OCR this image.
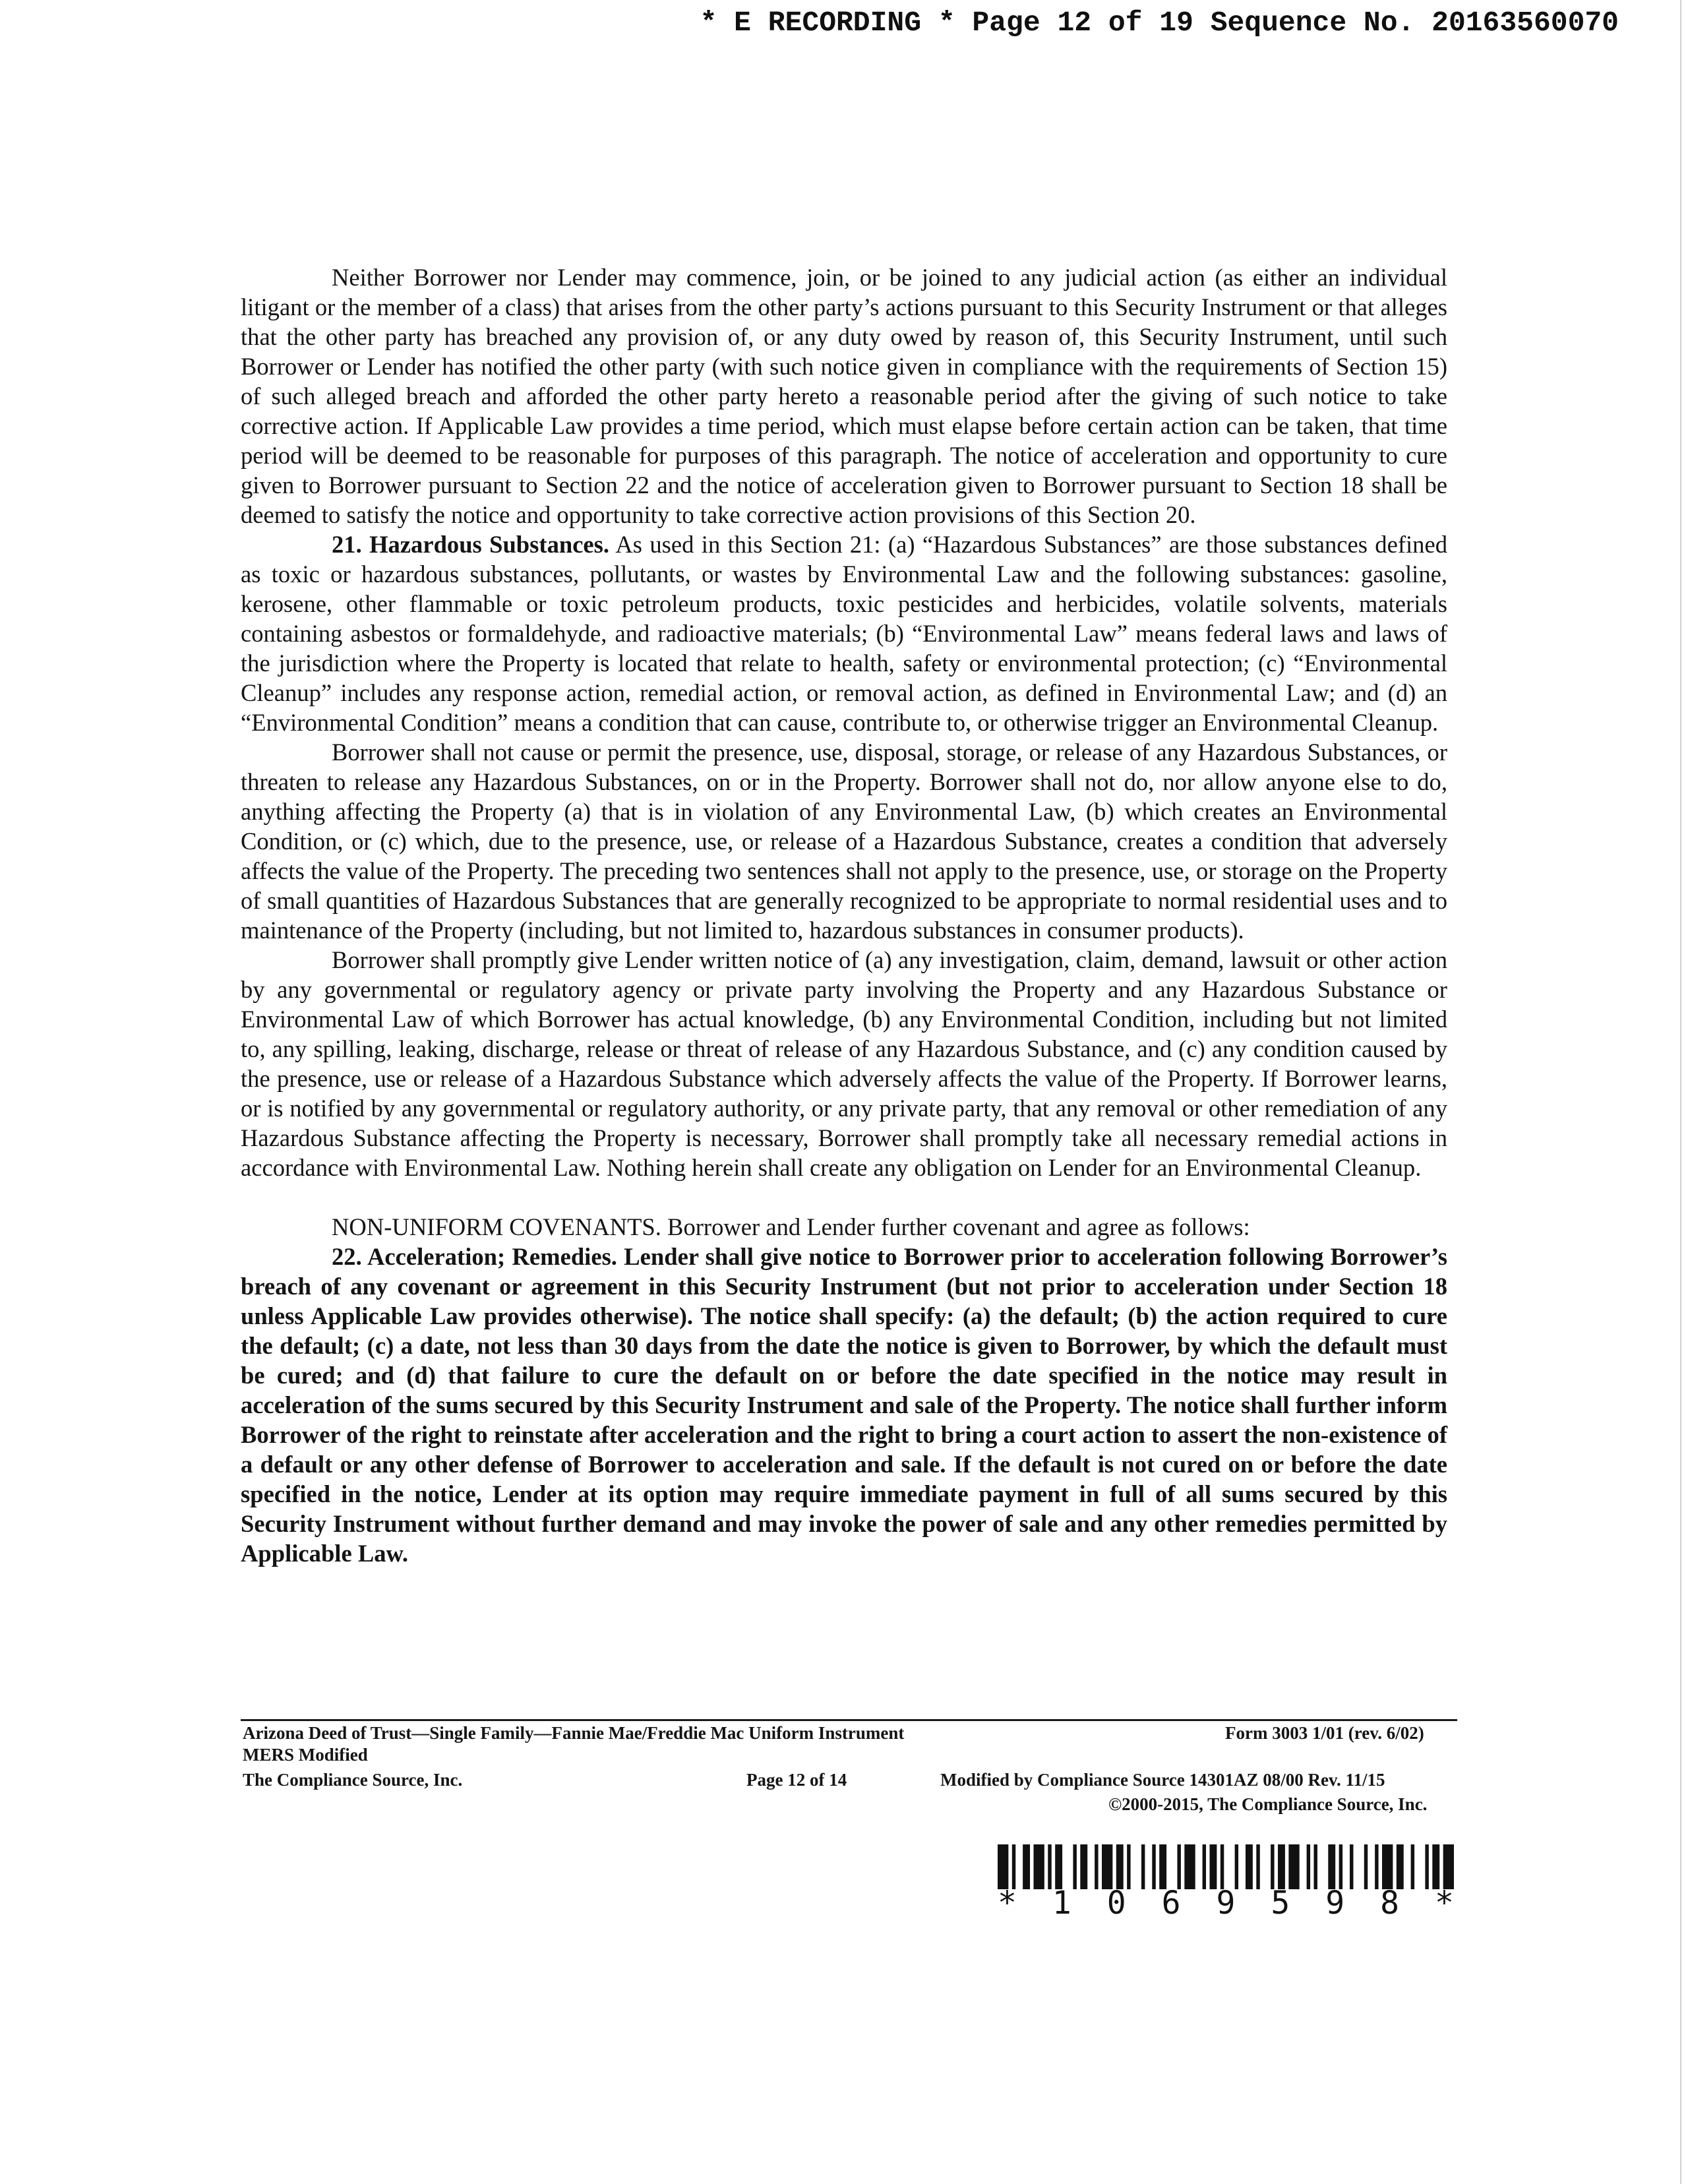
* E RECORDING * Page 12 of 19 Sequence No. 20163560070

Neither Borrower nor Lender may commence, join, or be joined to any judicial action (as either an individual litigant or the member of a class) that arises from the other party’s actions pursuant to this Security Instrument or that alleges that the other party has breached any provision of, or any duty owed by reason of, this Security Instrument, until such Borrower or Lender has notified the other party (with such notice given in compliance with the requirements of Section 15) of such alleged breach and afforded the other party hereto a reasonable period after the giving of such notice to take corrective action. If Applicable Law provides a time period, which must elapse before certain action can be taken, that time period will be deemed to be reasonable for purposes of this paragraph. The notice of acceleration and opportunity to cure given to Borrower pursuant to Section 22 and the notice of acceleration given to Borrower pursuant to Section 18 shall be deemed to satisfy the notice and opportunity to take corrective action provisions of this Section 20.

21. Hazardous Substances. As used in this Section 21: (a) “Hazardous Substances” are those substances defined as toxic or hazardous substances, pollutants, or wastes by Environmental Law and the following substances: gasoline, kerosene, other flammable or toxic petroleum products, toxic pesticides and herbicides, volatile solvents, materials containing asbestos or formaldehyde, and radioactive materials; (b) “Environmental Law” means federal laws and laws of the jurisdiction where the Property is located that relate to health, safety or environmental protection; (c) “Environmental Cleanup” includes any response action, remedial action, or removal action, as defined in Environmental Law; and (d) an “Environmental Condition” means a condition that can cause, contribute to, or otherwise trigger an Environmental Cleanup.

Borrower shall not cause or permit the presence, use, disposal, storage, or release of any Hazardous Substances, or threaten to release any Hazardous Substances, on or in the Property. Borrower shall not do, nor allow anyone else to do, anything affecting the Property (a) that is in violation of any Environmental Law, (b) which creates an Environmental Condition, or (c) which, due to the presence, use, or release of a Hazardous Substance, creates a condition that adversely affects the value of the Property. The preceding two sentences shall not apply to the presence, use, or storage on the Property of small quantities of Hazardous Substances that are generally recognized to be appropriate to normal residential uses and to maintenance of the Property (including, but not limited to, hazardous substances in consumer products).

Borrower shall promptly give Lender written notice of (a) any investigation, claim, demand, lawsuit or other action by any governmental or regulatory agency or private party involving the Property and any Hazardous Substance or Environmental Law of which Borrower has actual knowledge, (b) any Environmental Condition, including but not limited to, any spilling, leaking, discharge, release or threat of release of any Hazardous Substance, and (c) any condition caused by the presence, use or release of a Hazardous Substance which adversely affects the value of the Property. If Borrower learns, or is notified by any governmental or regulatory authority, or any private party, that any removal or other remediation of any Hazardous Substance affecting the Property is necessary, Borrower shall promptly take all necessary remedial actions in accordance with Environmental Law. Nothing herein shall create any obligation on Lender for an Environmental Cleanup.

NON-UNIFORM COVENANTS. Borrower and Lender further covenant and agree as follows:

22. Acceleration; Remedies. Lender shall give notice to Borrower prior to acceleration following Borrower’s breach of any covenant or agreement in this Security Instrument (but not prior to acceleration under Section 18 unless Applicable Law provides otherwise). The notice shall specify: (a) the default; (b) the action required to cure the default; (c) a date, not less than 30 days from the date the notice is given to Borrower, by which the default must be cured; and (d) that failure to cure the default on or before the date specified in the notice may result in acceleration of the sums secured by this Security Instrument and sale of the Property. The notice shall further inform Borrower of the right to reinstate after acceleration and the right to bring a court action to assert the non-existence of a default or any other defense of Borrower to acceleration and sale. If the default is not cured on or before the date specified in the notice, Lender at its option may require immediate payment in full of all sums secured by this Security Instrument without further demand and may invoke the power of sale and any other remedies permitted by Applicable Law.

Arizona Deed of Trust—Single Family—Fannie Mae/Freddie Mac Uniform Instrument	Form 3003 1/01 (rev. 6/02)
MERS Modified
The Compliance Source, Inc.	Page 12 of 14	Modified by Compliance Source 14301AZ 08/00 Rev. 11/15
©2000-2015, The Compliance Source, Inc.
* 1 0 6 9 5 9 8 *
